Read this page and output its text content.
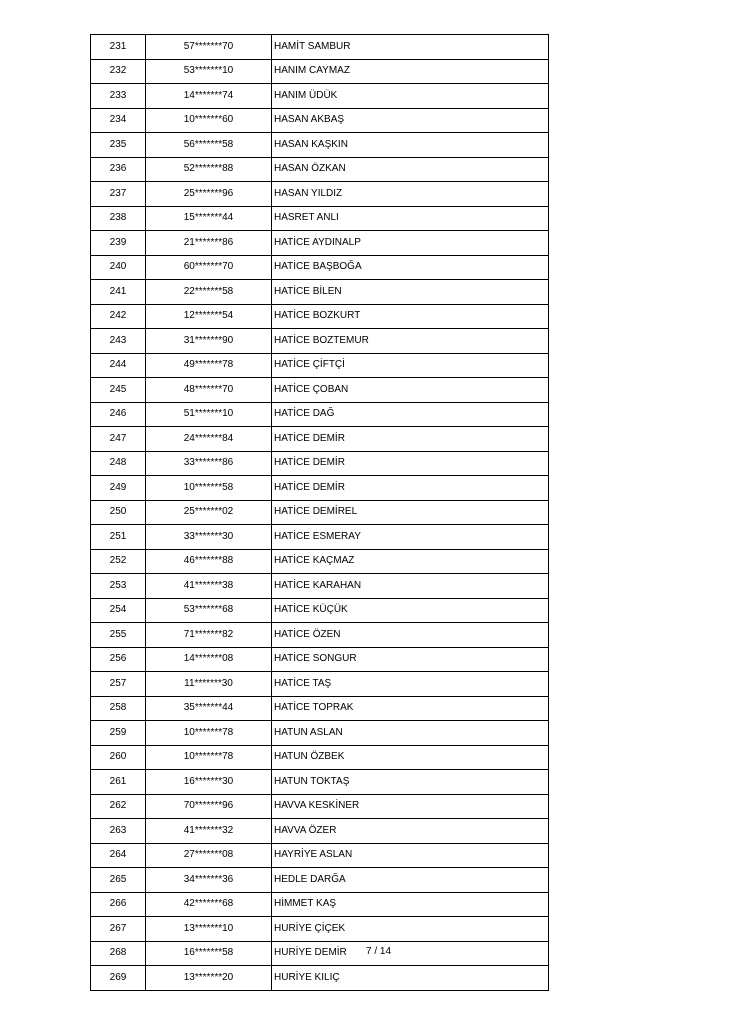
231	57*******70	HAMİT SAMBUR
232	53*******10	HANIM CAYMAZ
233	14*******74	HANIM ÜDÜK
234	10*******60	HASAN AKBAŞ
235	56*******58	HASAN KAŞKIN
236	52*******88	HASAN ÖZKAN
237	25*******96	HASAN YILDIZ
238	15*******44	HASRET ANLI
239	21*******86	HATİCE AYDINALP
240	60*******70	HATİCE BAŞBOĞA
241	22*******58	HATİCE BİLEN
242	12*******54	HATİCE BOZKURT
243	31*******90	HATİCE BOZTEMUR
244	49*******78	HATİCE ÇİFTÇİ
245	48*******70	HATİCE ÇOBAN
246	51*******10	HATİCE DAĞ
247	24*******84	HATİCE DEMİR
248	33*******86	HATİCE DEMİR
249	10*******58	HATİCE DEMİR
250	25*******02	HATİCE DEMİREL
251	33*******30	HATİCE ESMERAY
252	46*******88	HATİCE KAÇMAZ
253	41*******38	HATİCE KARAHAN
254	53*******68	HATİCE KÜÇÜK
255	71*******82	HATİCE ÖZEN
256	14*******08	HATİCE SONGUR
257	11*******30	HATİCE TAŞ
258	35*******44	HATİCE TOPRAK
259	10*******78	HATUN ASLAN
260	10*******78	HATUN ÖZBEK
261	16*******30	HATUN TOKTAŞ
262	70*******96	HAVVA KESKİNER
263	41*******32	HAVVA ÖZER
264	27*******08	HAYRİYE ASLAN
265	34*******36	HEDLE DARĞA
266	42*******68	HİMMET KAŞ
267	13*******10	HURİYE ÇİÇEK
268	16*******58	HURİYE DEMİR
269	13*******20	HURİYE KILIÇ
7 / 14
